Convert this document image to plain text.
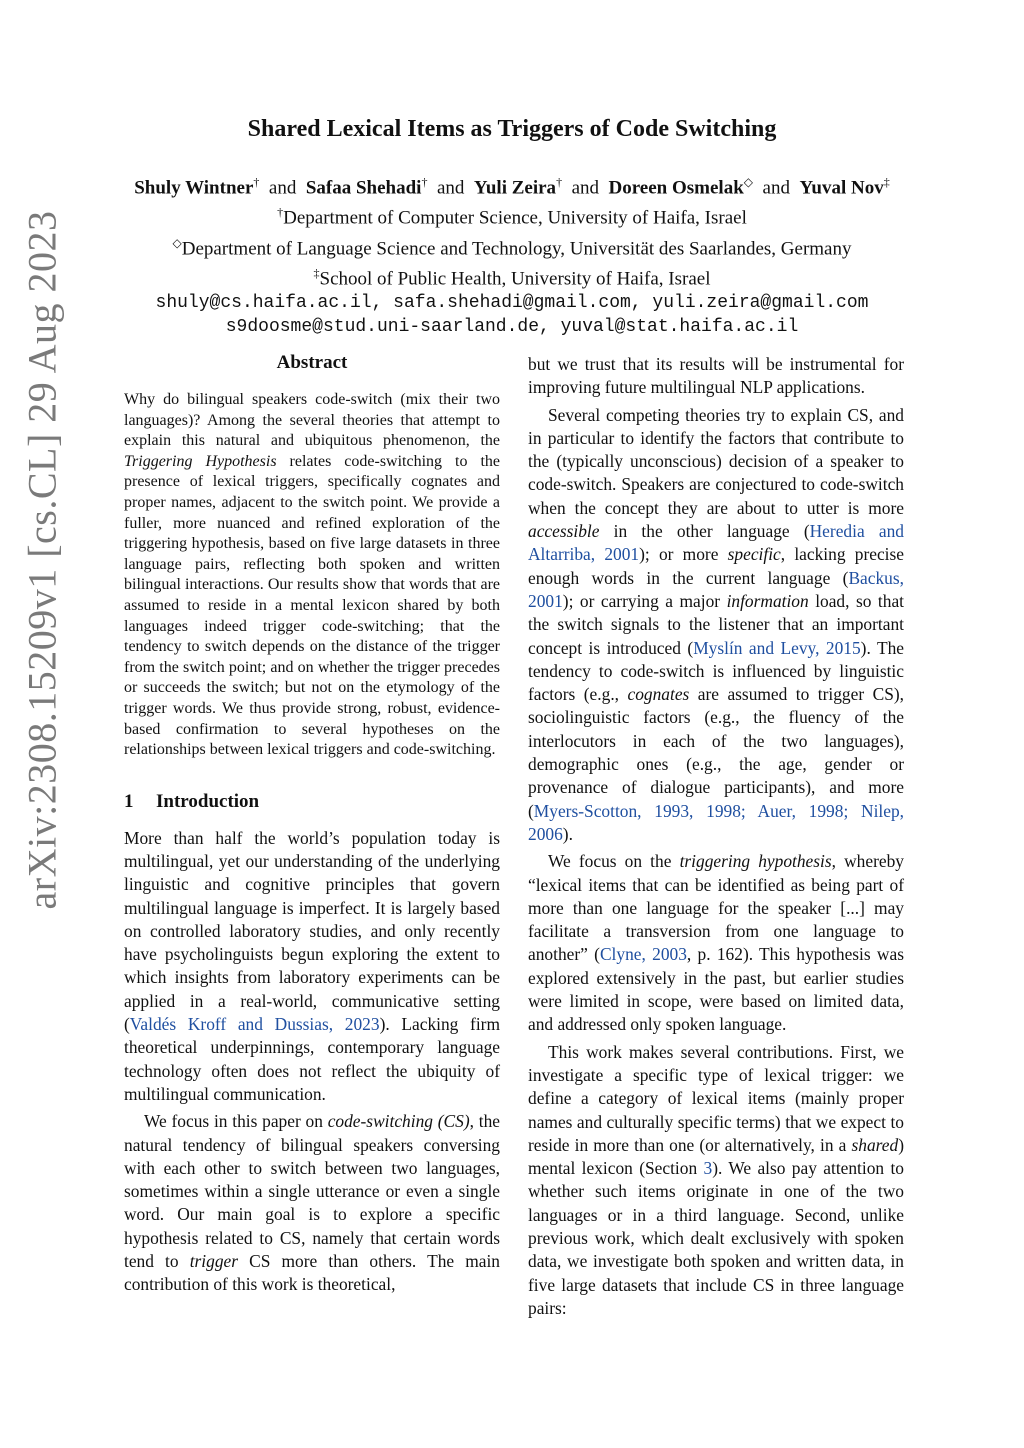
arXiv:2308.15209v1 [cs.CL] 29 Aug 2023
Shared Lexical Items as Triggers of Code Switching
Shuly Wintner† and Safaa Shehadi† and Yuli Zeira† and Doreen Osmelak◇ and Yuval Nov‡
†Department of Computer Science, University of Haifa, Israel
◇Department of Language Science and Technology, Universität des Saarlandes, Germany
‡School of Public Health, University of Haifa, Israel
shuly@cs.haifa.ac.il, safa.shehadi@gmail.com, yuli.zeira@gmail.com
s9doosme@stud.uni-saarland.de, yuval@stat.haifa.ac.il
Abstract

Why do bilingual speakers code-switch (mix their two languages)? Among the several theories that attempt to explain this natural and ubiquitous phenomenon, the Triggering Hypothesis relates code-switching to the presence of lexical triggers, specifically cognates and proper names, adjacent to the switch point. We provide a fuller, more nuanced and refined exploration of the triggering hypothesis, based on five large datasets in three language pairs, reflecting both spoken and written bilingual interactions. Our results show that words that are assumed to reside in a mental lexicon shared by both languages indeed trigger code-switching; that the tendency to switch depends on the distance of the trigger from the switch point; and on whether the trigger precedes or succeeds the switch; but not on the etymology of the trigger words. We thus provide strong, robust, evidence-based confirmation to several hypotheses on the relationships between lexical triggers and code-switching.

1 Introduction

More than half the world’s population today is multilingual, yet our understanding of the underlying linguistic and cognitive principles that govern multilingual language is imperfect. It is largely based on controlled laboratory studies, and only recently have psycholinguists begun exploring the extent to which insights from laboratory experiments can be applied in a real-world, communicative setting (Valdés Kroff and Dussias, 2023). Lacking firm theoretical underpinnings, contemporary language technology often does not reflect the ubiquity of multilingual communication.

We focus in this paper on code-switching (CS), the natural tendency of bilingual speakers conversing with each other to switch between two languages, sometimes within a single utterance or even a single word. Our main goal is to explore a specific hypothesis related to CS, namely that certain words tend to trigger CS more than others. The main contribution of this work is theoretical,

but we trust that its results will be instrumental for improving future multilingual NLP applications.

Several competing theories try to explain CS, and in particular to identify the factors that contribute to the (typically unconscious) decision of a speaker to code-switch. Speakers are conjectured to code-switch when the concept they are about to utter is more accessible in the other language (Heredia and Altarriba, 2001); or more specific, lacking precise enough words in the current language (Backus, 2001); or carrying a major information load, so that the switch signals to the listener that an important concept is introduced (Myslín and Levy, 2015). The tendency to code-switch is influenced by linguistic factors (e.g., cognates are assumed to trigger CS), sociolinguistic factors (e.g., the fluency of the interlocutors in each of the two languages), demographic ones (e.g., the age, gender or provenance of dialogue participants), and more (Myers-Scotton, 1993, 1998; Auer, 1998; Nilep, 2006).

We focus on the triggering hypothesis, whereby “lexical items that can be identified as being part of more than one language for the speaker [...] may facilitate a transversion from one language to another” (Clyne, 2003, p. 162). This hypothesis was explored extensively in the past, but earlier studies were limited in scope, were based on limited data, and addressed only spoken language.

This work makes several contributions. First, we investigate a specific type of lexical trigger: we define a category of lexical items (mainly proper names and culturally specific terms) that we expect to reside in more than one (or alternatively, in a shared) mental lexicon (Section 3). We also pay attention to whether such items originate in one of the two languages or in a third language. Second, unlike previous work, which dealt exclusively with spoken data, we investigate both spoken and written data, in five large datasets that include CS in three language pairs:
